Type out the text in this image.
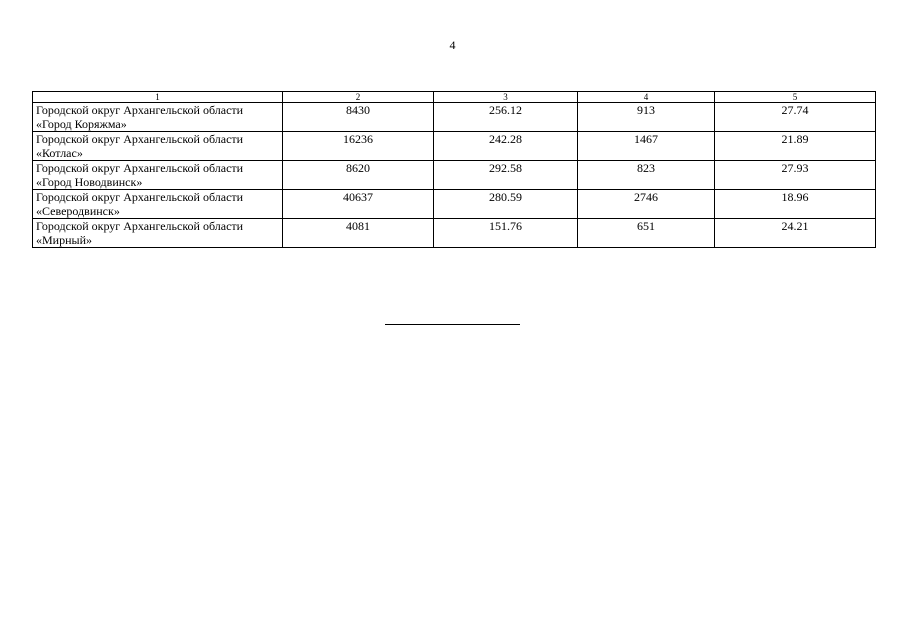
4
1	2	3	4	5

Городской округ Архангельской области
«Город Коряжма»	8430	256.12	913	27.74

Городской округ Архангельской области
«Котлас»	16236	242.28	1467	21.89

Городской округ Архангельской области
«Город Новодвинск»	8620	292.58	823	27.93

Городской округ Архангельской области
«Северодвинск»	40637	280.59	2746	18.96

Городской округ Архангельской области
«Мирный»	4081	151.76	651	24.21
